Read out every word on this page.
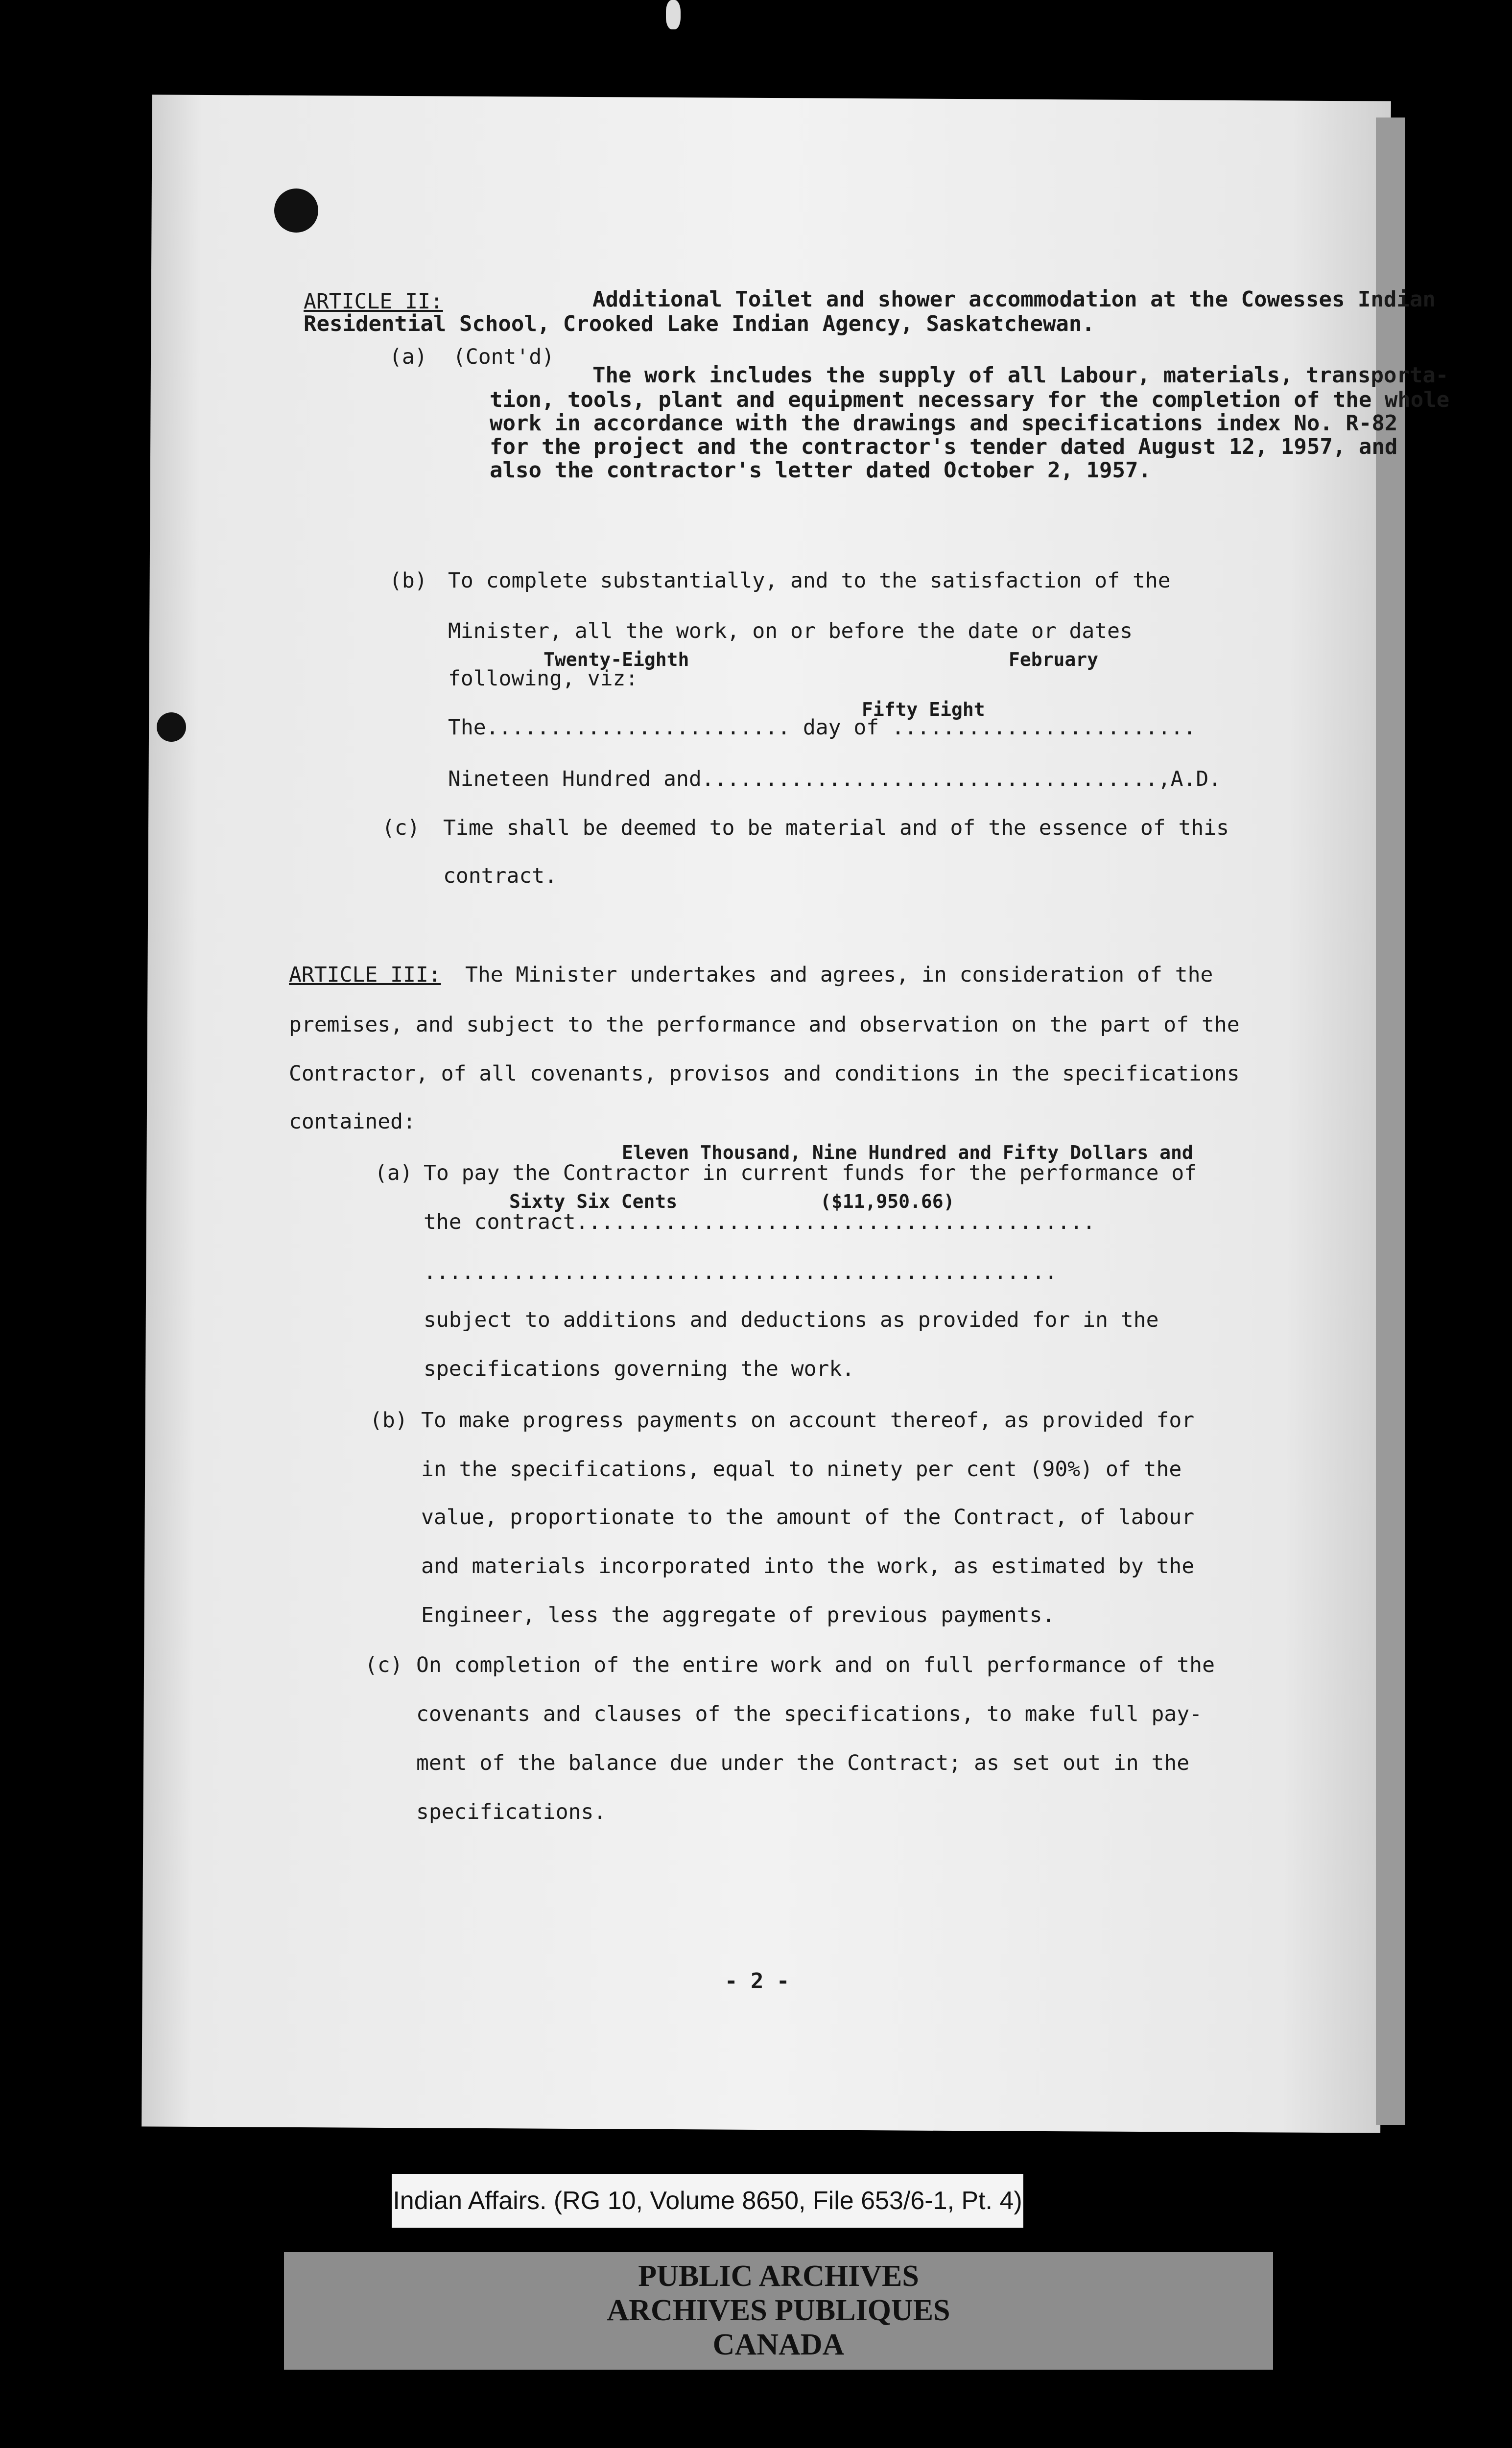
ARTICLE II:	Additional Toilet and shower accommodation at the Cowesses Indian
Residential School, Crooked Lake Indian Agency, Saskatchewan.
(a) (Cont'd)
The work includes the supply of all Labour, materials, transporta-
tion, tools, plant and equipment necessary for the completion of the whole
work in accordance with the drawings and specifications index No. R-82
for the project and the contractor's tender dated August 12, 1957, and
also the contractor's letter dated October 2, 1957.
(b) To complete substantially, and to the satisfaction of the
Minister, all the work, on or before the date or dates
Twenty-Eighth	February
following, viz:
Fifty Eight
The........................ day of ........................
Nineteen Hundred and....................................,A.D.
(c) Time shall be deemed to be material and of the essence of this
contract.
ARTICLE III: The Minister undertakes and agrees, in consideration of the
premises, and subject to the performance and observation on the part of the
Contractor, of all covenants, provisos and conditions in the specifications
contained:
Eleven Thousand, Nine Hundred and Fifty Dollars and
(a) To pay the Contractor in current funds for the performance of
Sixty Six Cents	($11,950.66)
the contract.........................................
..................................................
subject to additions and deductions as provided for in the
specifications governing the work.
(b) To make progress payments on account thereof, as provided for
in the specifications, equal to ninety per cent (90%) of the
value, proportionate to the amount of the Contract, of labour
and materials incorporated into the work, as estimated by the
Engineer, less the aggregate of previous payments.
(c) On completion of the entire work and on full performance of the
covenants and clauses of the specifications, to make full pay-
ment of the balance due under the Contract; as set out in the
specifications.
- 2 -
Indian Affairs. (RG 10, Volume 8650, File 653/6-1, Pt. 4)
PUBLIC ARCHIVES
ARCHIVES PUBLIQUES
CANADA
